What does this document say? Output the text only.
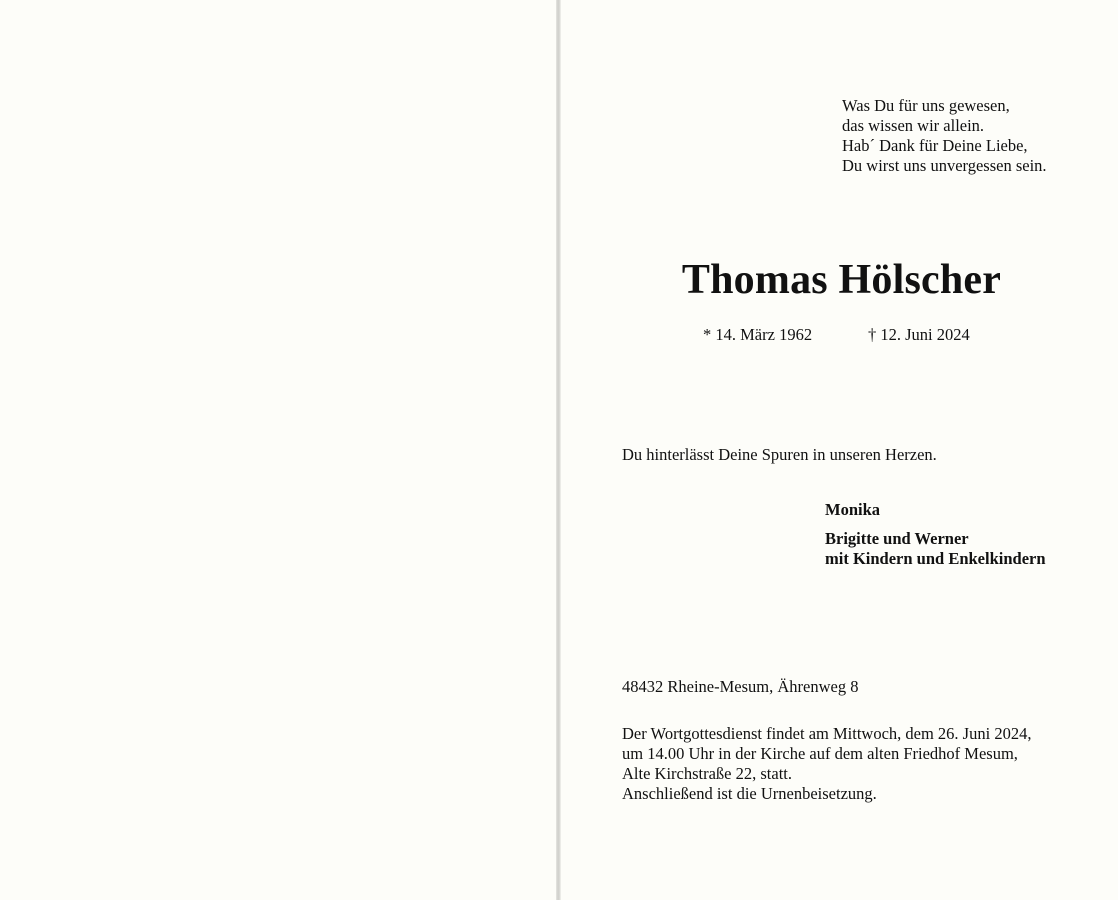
Was Du für uns gewesen,
das wissen wir allein.
Hab´ Dank für Deine Liebe,
Du wirst uns unvergessen sein.
Thomas Hölscher
* 14. März 1962	† 12. Juni 2024
Du hinterlässt Deine Spuren in unseren Herzen.
Monika
Brigitte und Werner
mit Kindern und Enkelkindern
48432 Rheine-Mesum, Ährenweg 8
Der Wortgottesdienst findet am Mittwoch, dem 26. Juni 2024,
um 14.00 Uhr in der Kirche auf dem alten Friedhof Mesum,
Alte Kirchstraße 22, statt.
Anschließend ist die Urnenbeisetzung.
